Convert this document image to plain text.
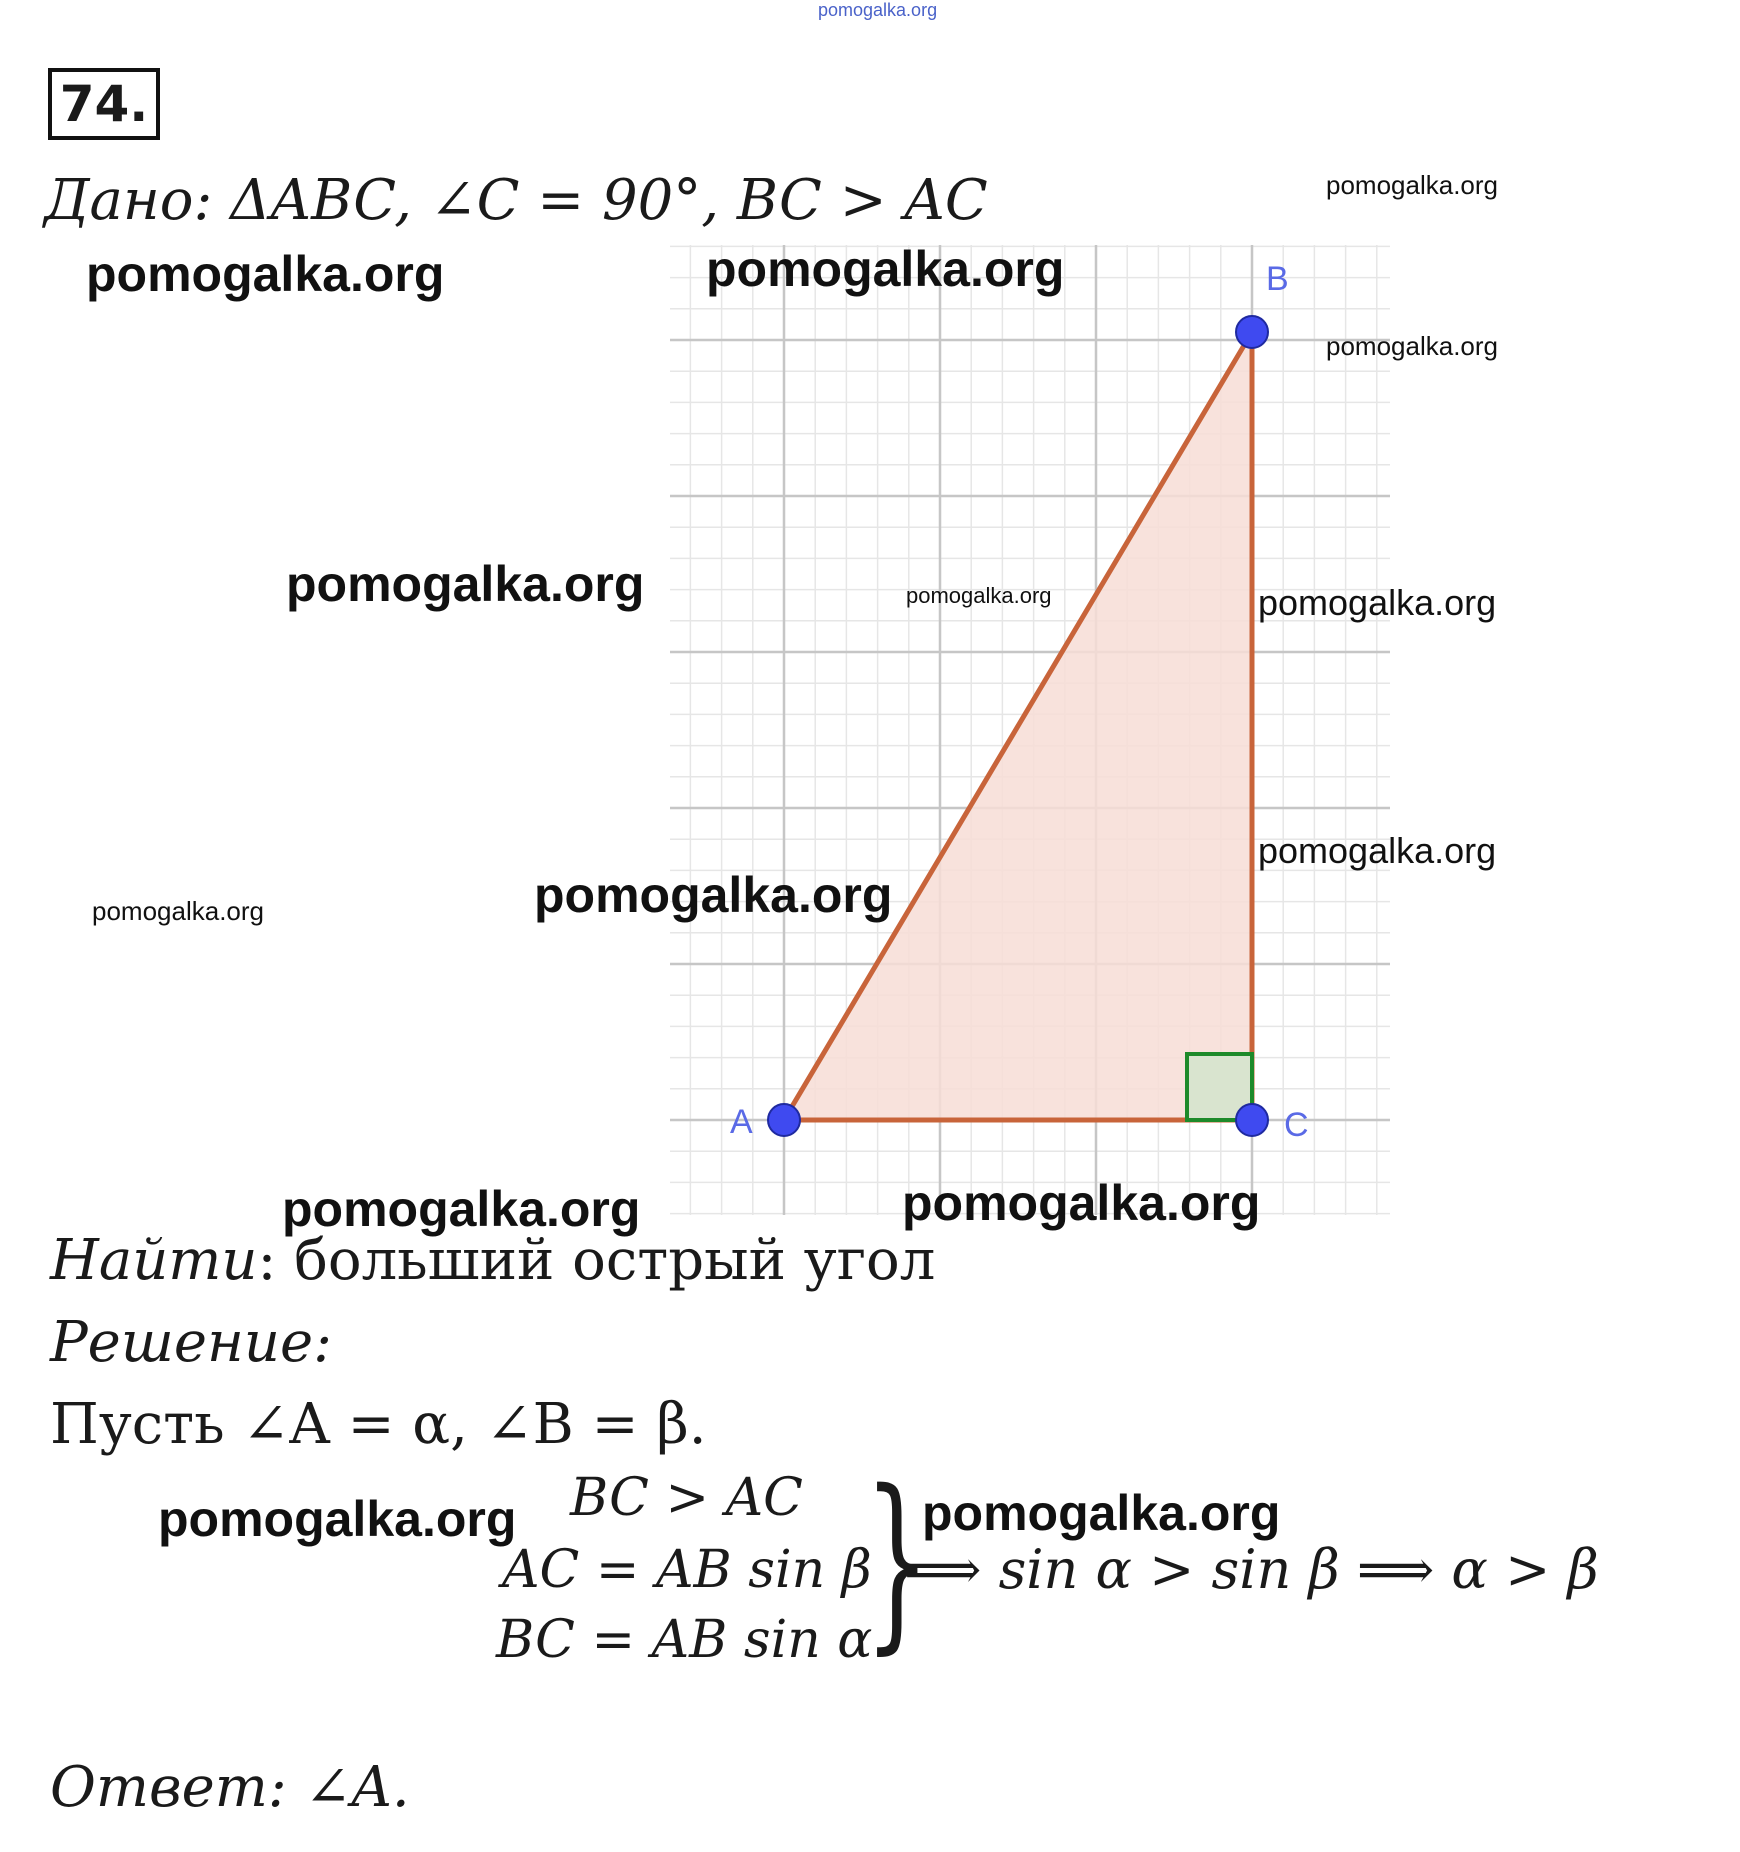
pomogalka.org
74.
Дано: ΔABC, ∠C = 90°, BC > AC
A
B
C
pomogalka.org	pomogalka.org
pomogalka.org
pomogalka.org
pomogalka.org	pomogalka.org	pomogalka.org
pomogalka.org
pomogalka.org
pomogalka.org
pomogalka.org	pomogalka.org
pomogalka.org	pomogalka.org
Найти: больший острый угол
Решение:
Пусть ∠A = α, ∠B = β.
BC > AC
AC = AB sin β
BC = AB sin α
}
⟹ sin α > sin β ⟹ α > β
Ответ: ∠A.
